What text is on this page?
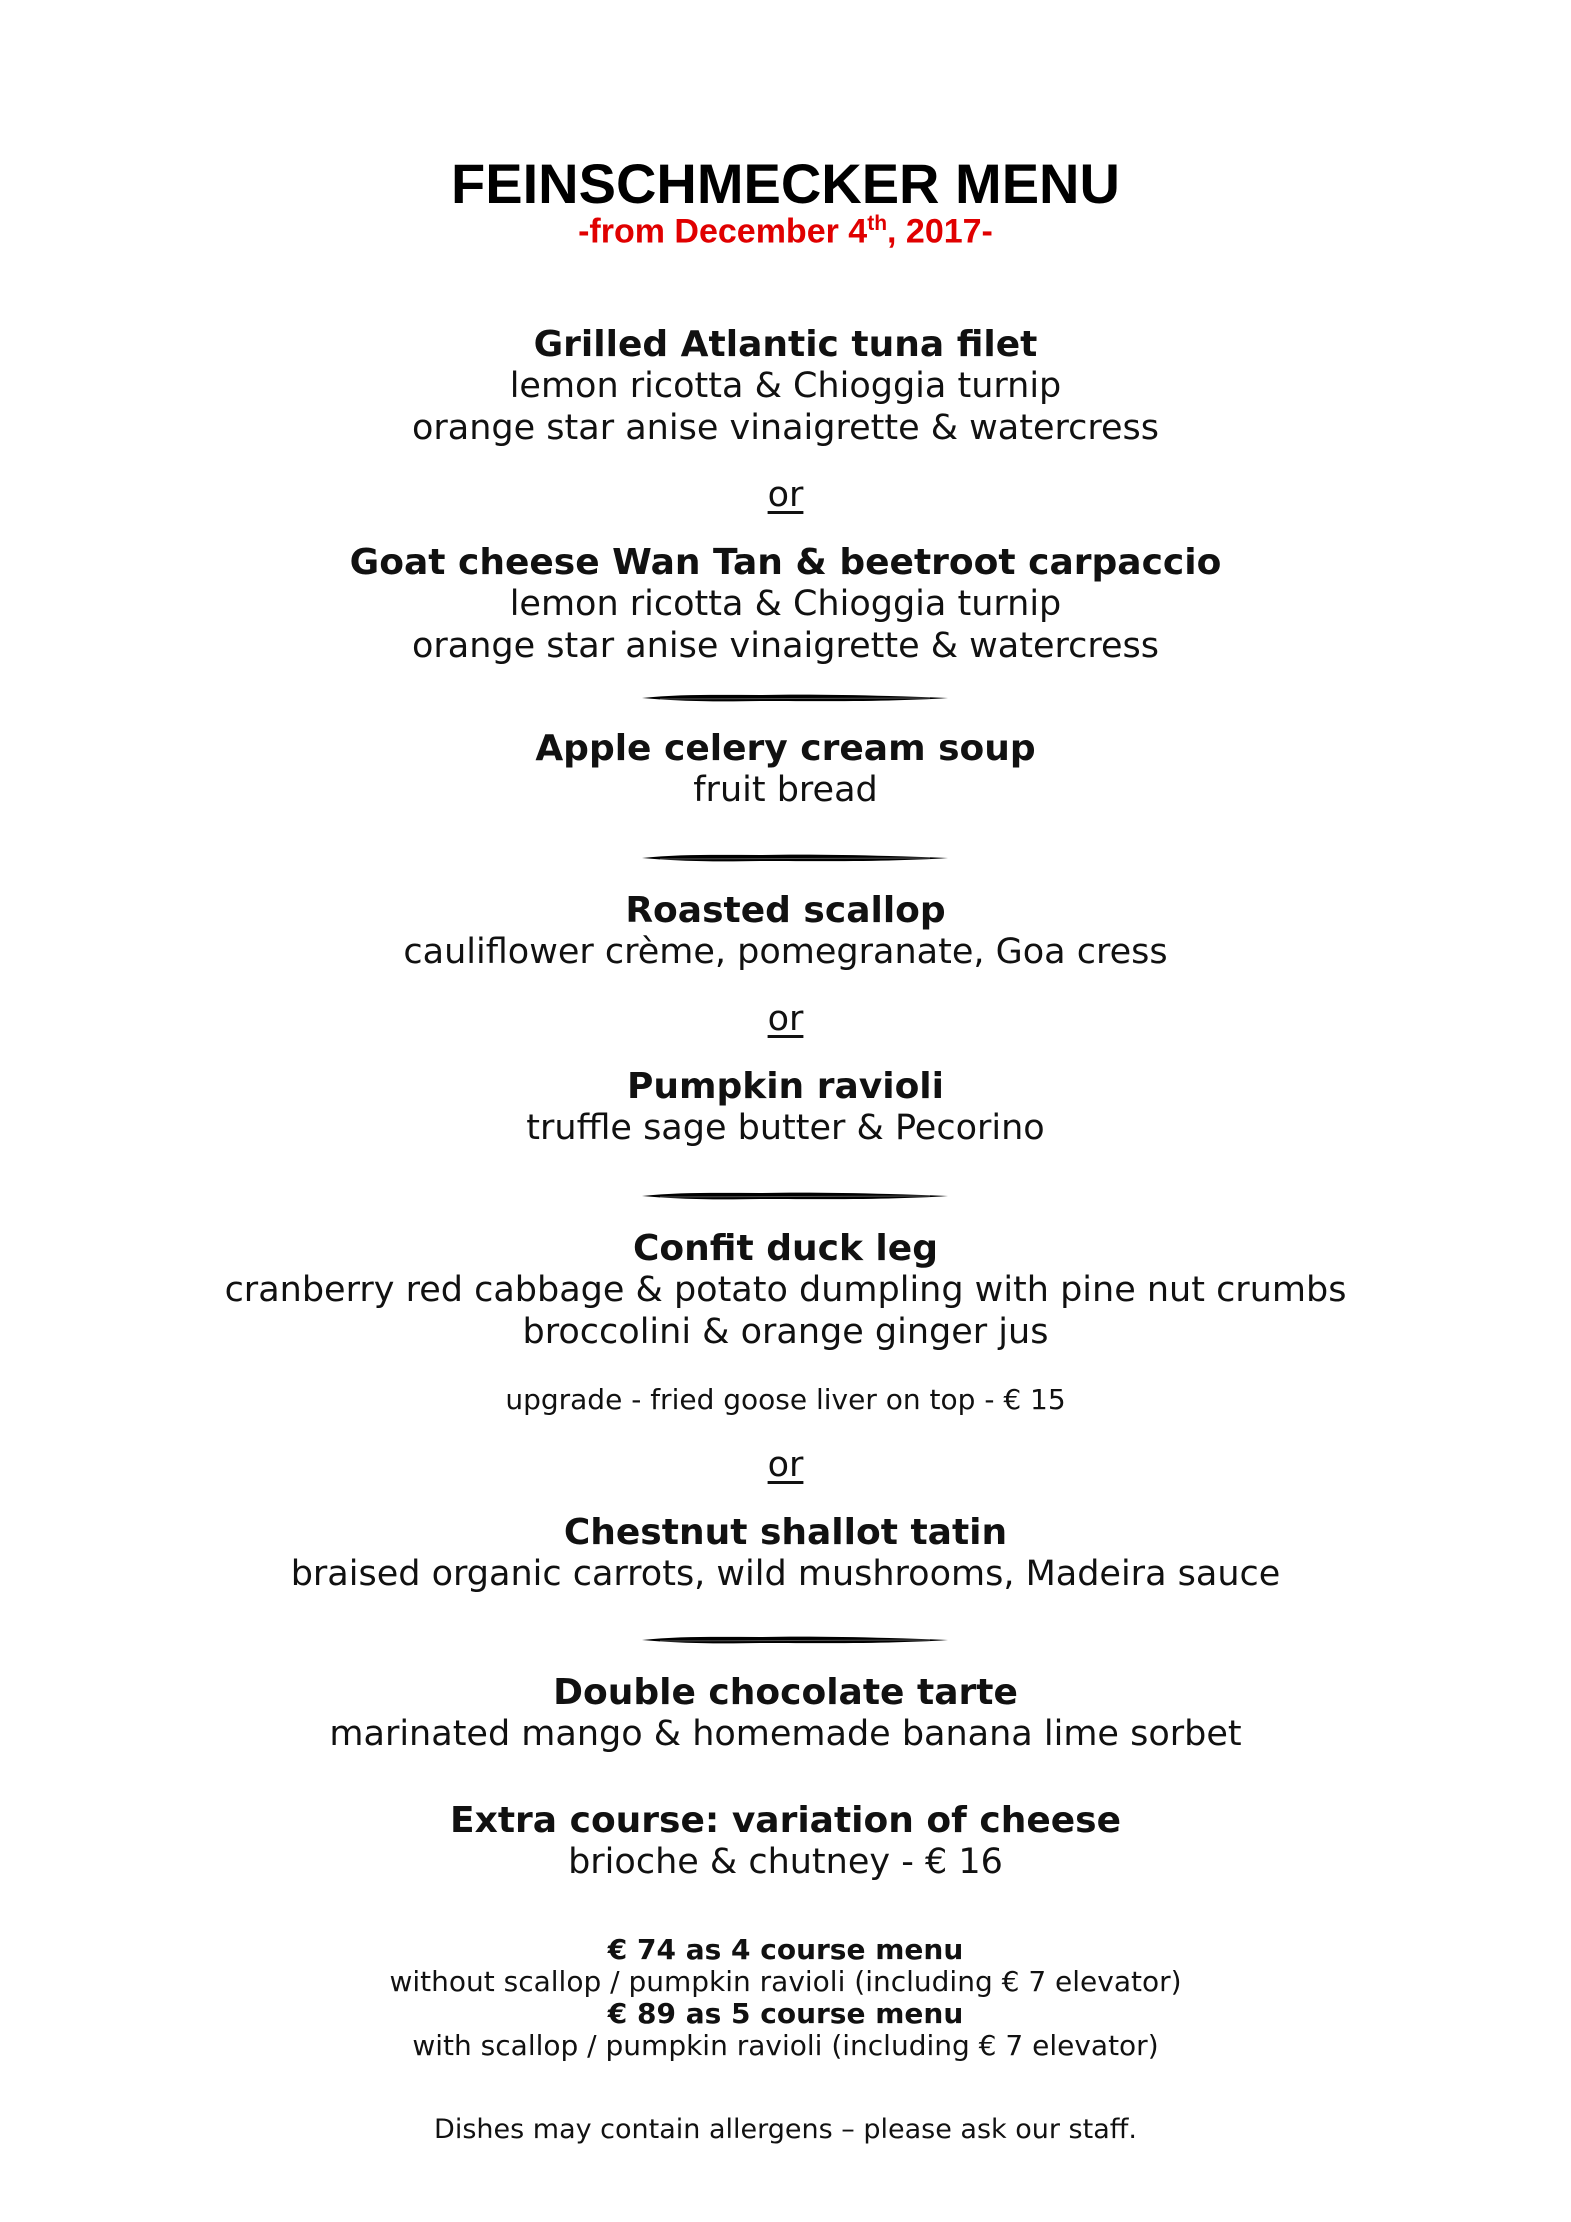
FEINSCHMECKER MENU
-from December 4th, 2017-
Grilled Atlantic tuna filet
lemon ricotta & Chioggia turnip
orange star anise vinaigrette & watercress
or
Goat cheese Wan Tan & beetroot carpaccio
lemon ricotta & Chioggia turnip
orange star anise vinaigrette & watercress
Apple celery cream soup
fruit bread
Roasted scallop
cauliflower crème, pomegranate, Goa cress
or
Pumpkin ravioli
truffle sage butter & Pecorino
Confit duck leg
cranberry red cabbage & potato dumpling with pine nut crumbs
broccolini & orange ginger jus
upgrade - fried goose liver on top - € 15
or
Chestnut shallot tatin
braised organic carrots, wild mushrooms, Madeira sauce
Double chocolate tarte
marinated mango & homemade banana lime sorbet
Extra course: variation of cheese
brioche & chutney - € 16
€ 74 as 4 course menu
without scallop / pumpkin ravioli (including € 7 elevator)
€ 89 as 5 course menu
with scallop / pumpkin ravioli (including € 7 elevator)
Dishes may contain allergens – please ask our staff.
